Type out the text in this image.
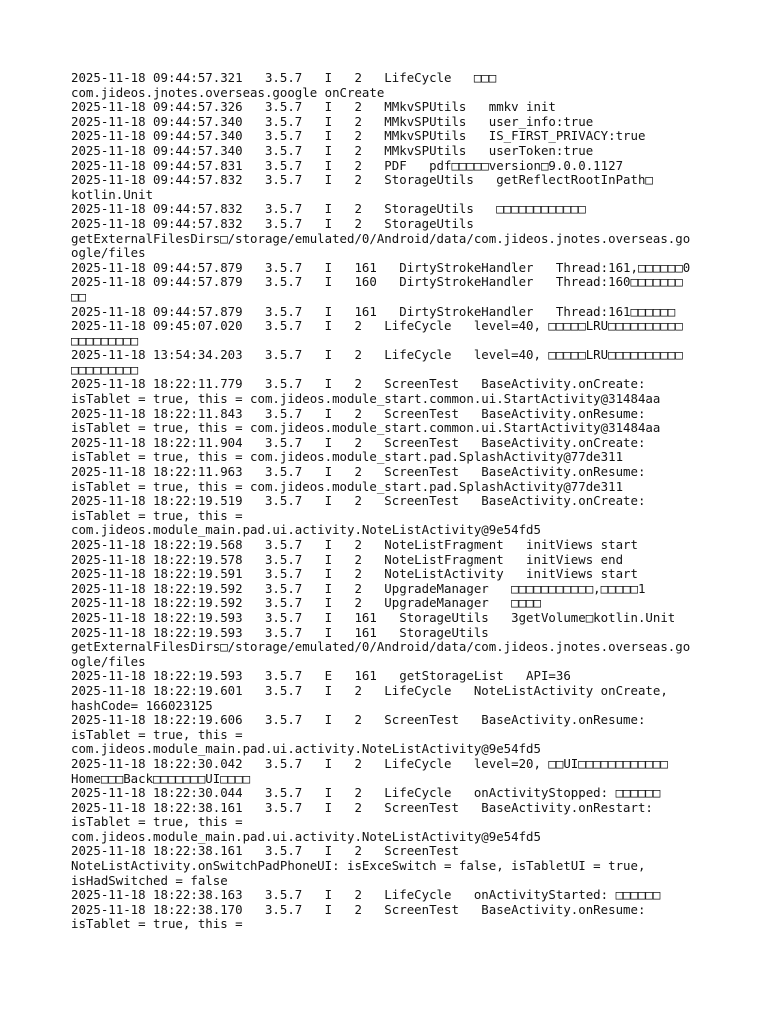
2025-11-18 09:44:57.321   3.5.7   I   2   LifeCycle   □□□
com.jideos.jnotes.overseas.google onCreate
2025-11-18 09:44:57.326   3.5.7   I   2   MMkvSPUtils   mmkv init
2025-11-18 09:44:57.340   3.5.7   I   2   MMkvSPUtils   user_info:true
2025-11-18 09:44:57.340   3.5.7   I   2   MMkvSPUtils   IS_FIRST_PRIVACY:true
2025-11-18 09:44:57.340   3.5.7   I   2   MMkvSPUtils   userToken:true
2025-11-18 09:44:57.831   3.5.7   I   2   PDF   pdf□□□□□version□9.0.0.1127
2025-11-18 09:44:57.832   3.5.7   I   2   StorageUtils   getReflectRootInPath□
kotlin.Unit
2025-11-18 09:44:57.832   3.5.7   I   2   StorageUtils   □□□□□□□□□□□□
2025-11-18 09:44:57.832   3.5.7   I   2   StorageUtils
getExternalFilesDirs□/storage/emulated/0/Android/data/com.jideos.jnotes.overseas.go
ogle/files
2025-11-18 09:44:57.879   3.5.7   I   161   DirtyStrokeHandler   Thread:161,□□□□□□0
2025-11-18 09:44:57.879   3.5.7   I   160   DirtyStrokeHandler   Thread:160□□□□□□□
□□
2025-11-18 09:44:57.879   3.5.7   I   161   DirtyStrokeHandler   Thread:161□□□□□□
2025-11-18 09:45:07.020   3.5.7   I   2   LifeCycle   level=40, □□□□□LRU□□□□□□□□□□
□□□□□□□□□
2025-11-18 13:54:34.203   3.5.7   I   2   LifeCycle   level=40, □□□□□LRU□□□□□□□□□□
□□□□□□□□□
2025-11-18 18:22:11.779   3.5.7   I   2   ScreenTest   BaseActivity.onCreate:
isTablet = true, this = com.jideos.module_start.common.ui.StartActivity@31484aa
2025-11-18 18:22:11.843   3.5.7   I   2   ScreenTest   BaseActivity.onResume:
isTablet = true, this = com.jideos.module_start.common.ui.StartActivity@31484aa
2025-11-18 18:22:11.904   3.5.7   I   2   ScreenTest   BaseActivity.onCreate:
isTablet = true, this = com.jideos.module_start.pad.SplashActivity@77de311
2025-11-18 18:22:11.963   3.5.7   I   2   ScreenTest   BaseActivity.onResume:
isTablet = true, this = com.jideos.module_start.pad.SplashActivity@77de311
2025-11-18 18:22:19.519   3.5.7   I   2   ScreenTest   BaseActivity.onCreate:
isTablet = true, this =
com.jideos.module_main.pad.ui.activity.NoteListActivity@9e54fd5
2025-11-18 18:22:19.568   3.5.7   I   2   NoteListFragment   initViews start
2025-11-18 18:22:19.578   3.5.7   I   2   NoteListFragment   initViews end
2025-11-18 18:22:19.591   3.5.7   I   2   NoteListActivity   initViews start
2025-11-18 18:22:19.592   3.5.7   I   2   UpgradeManager   □□□□□□□□□□□,□□□□□1
2025-11-18 18:22:19.592   3.5.7   I   2   UpgradeManager   □□□□
2025-11-18 18:22:19.593   3.5.7   I   161   StorageUtils   3getVolume□kotlin.Unit
2025-11-18 18:22:19.593   3.5.7   I   161   StorageUtils
getExternalFilesDirs□/storage/emulated/0/Android/data/com.jideos.jnotes.overseas.go
ogle/files
2025-11-18 18:22:19.593   3.5.7   E   161   getStorageList   API=36
2025-11-18 18:22:19.601   3.5.7   I   2   LifeCycle   NoteListActivity onCreate,
hashCode= 166023125
2025-11-18 18:22:19.606   3.5.7   I   2   ScreenTest   BaseActivity.onResume:
isTablet = true, this =
com.jideos.module_main.pad.ui.activity.NoteListActivity@9e54fd5
2025-11-18 18:22:30.042   3.5.7   I   2   LifeCycle   level=20, □□UI□□□□□□□□□□□□
Home□□□Back□□□□□□□UI□□□□
2025-11-18 18:22:30.044   3.5.7   I   2   LifeCycle   onActivityStopped: □□□□□□
2025-11-18 18:22:38.161   3.5.7   I   2   ScreenTest   BaseActivity.onRestart:
isTablet = true, this =
com.jideos.module_main.pad.ui.activity.NoteListActivity@9e54fd5
2025-11-18 18:22:38.161   3.5.7   I   2   ScreenTest
NoteListActivity.onSwitchPadPhoneUI: isExceSwitch = false, isTabletUI = true,
isHadSwitched = false
2025-11-18 18:22:38.163   3.5.7   I   2   LifeCycle   onActivityStarted: □□□□□□
2025-11-18 18:22:38.170   3.5.7   I   2   ScreenTest   BaseActivity.onResume:
isTablet = true, this =
